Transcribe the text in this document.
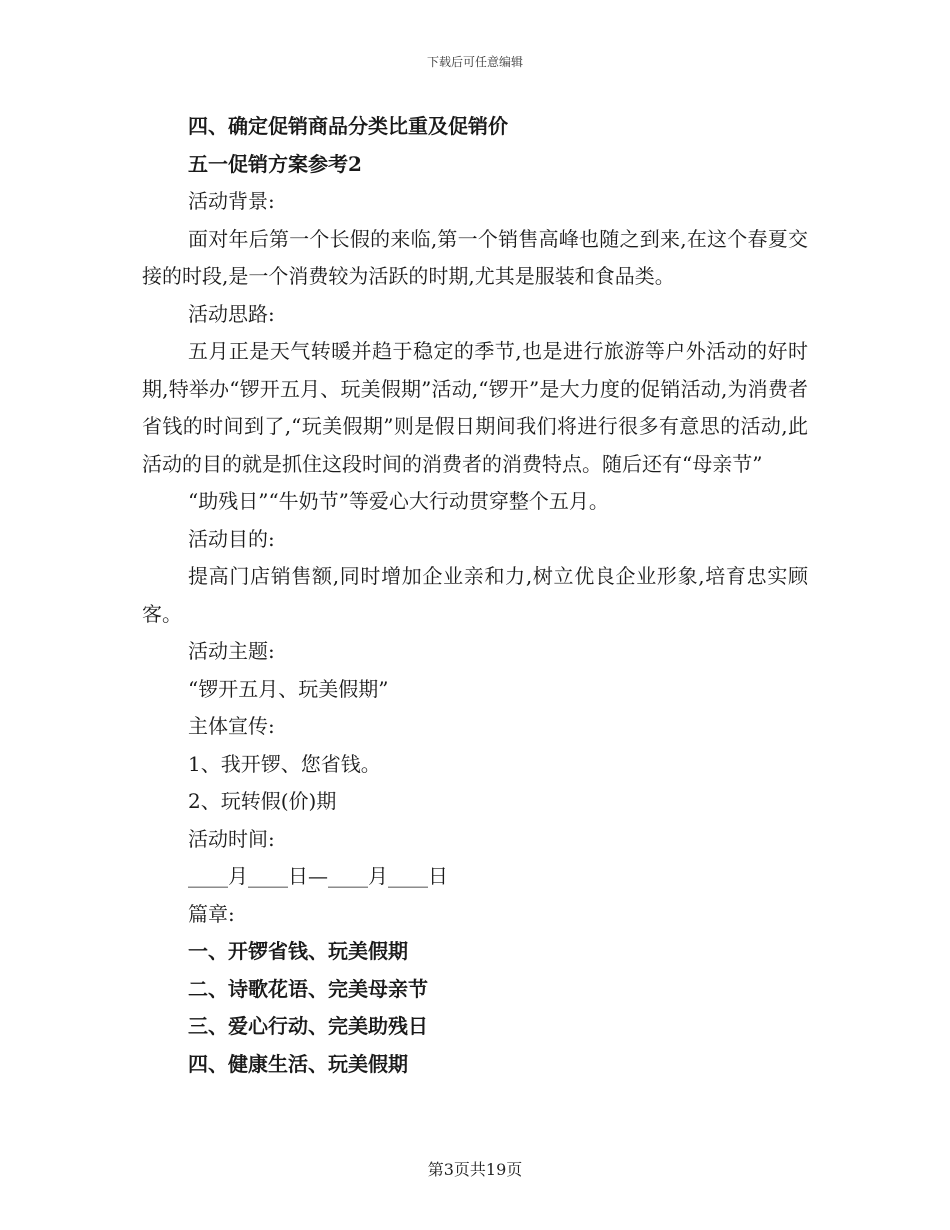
下载后可任意编辑

四、确定促销商品分类比重及促销价

五一促销方案参考2

活动背景:

面对年后第一个长假的来临,第一个销售高峰也随之到来,在这个春夏交接的时段,是一个消费较为活跃的时期,尤其是服装和食品类。

活动思路:

五月正是天气转暖并趋于稳定的季节,也是进行旅游等户外活动的好时期,特举办“锣开五月、玩美假期”活动,“锣开”是大力度的促销活动,为消费者省钱的时间到了,“玩美假期”则是假日期间我们将进行很多有意思的活动,此活动的目的就是抓住这段时间的消费者的消费特点。随后还有“母亲节”

“助残日”“牛奶节”等爱心大行动贯穿整个五月。

活动目的:

提高门店销售额,同时增加企业亲和力,树立优良企业形象,培育忠实顾客。

活动主题:

“锣开五月、玩美假期”

主体宣传:

1、我开锣、您省钱。

2、玩转假(价)期

活动时间:

____月____日—____月____日

篇章:

一、开锣省钱、玩美假期

二、诗歌花语、完美母亲节

三、爱心行动、完美助残日

四、健康生活、玩美假期

第3页共19页
